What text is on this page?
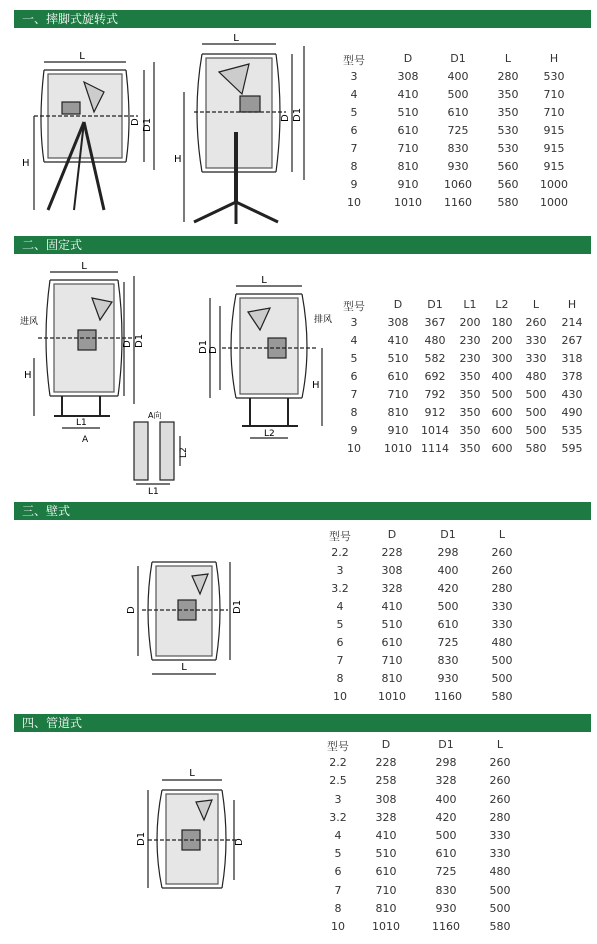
一、摔脚式旋转式
L
H
D D1
L
H
D D1
型号	D	D1	L	H
3	308	400	280	530
4	410	500	350	710
5	510	610	350	710
6	610	725	530	915
7	710	830	530	915
8	810	930	560	915
9	910	1060	560	1000
10	1010	1160	580	1000
二、固定式
L
进风
H
D D1
L1
A
A向
L2
L1
L
D1 D
排风
H
L2
型号	D	D1	L1	L2	L	H
3	308	367	200	180	260	214
4	410	480	230	200	330	267
5	510	582	230	300	330	318
6	610	692	350	400	480	378
7	710	792	350	500	500	430
8	810	912	350	600	500	490
9	910	1014 350	600	500	535
10	1010 1114 350	600	580	595
三、壁式
D	D1
L
型号	D	D1	L
2.2	228	298	260
3	308	400	260
3.2	328	420	280
4	410	500	330
5	510	610	330
6	610	725	480
7	710	830	500
8	810	930	500
10	1010	1160	580
四、管道式
L
D1	D
型号	D	D1	L
2.2	228	298	260
2.5	258	328	260
3	308	400	260
3.2	328	420	280
4	410	500	330
5	510	610	330
6	610	725	480
7	710	830	500
8	810	930	500
10	1010	1160	580
